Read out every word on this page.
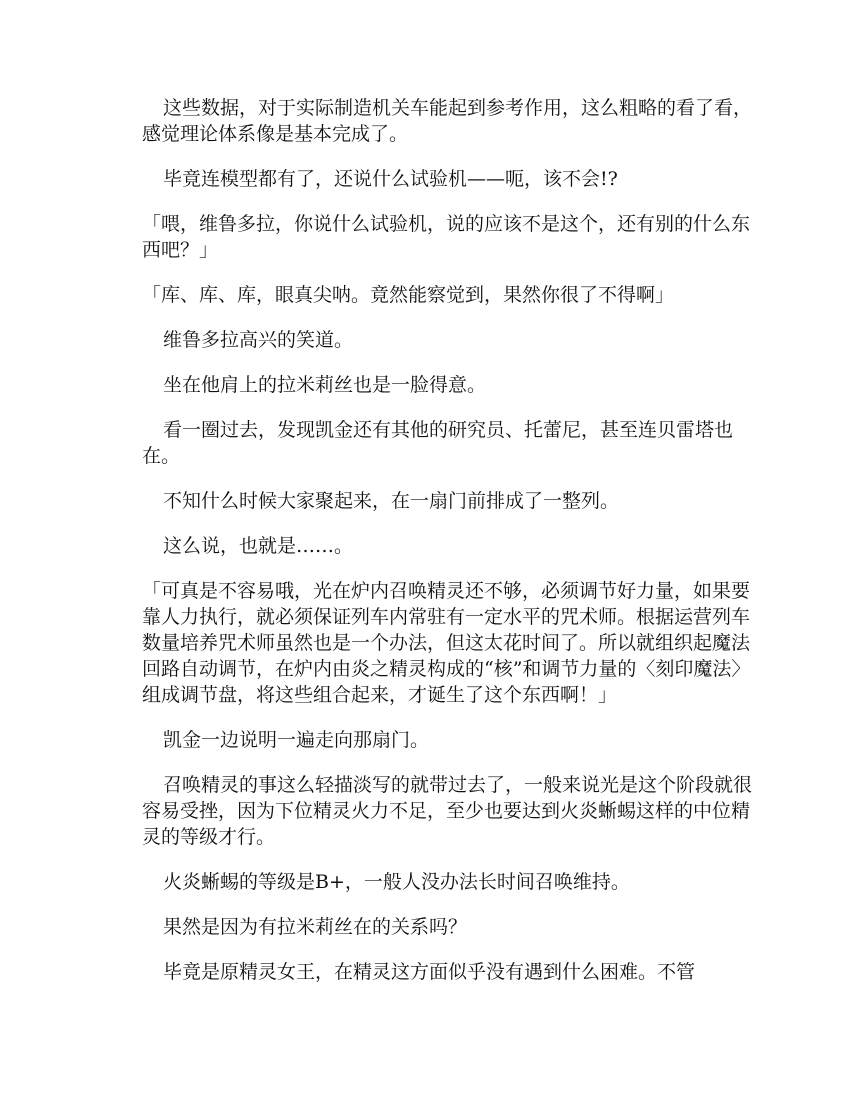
这些数据，对于实际制造机关车能起到参考作用，这么粗略的看了看，感觉理论体系像是基本完成了。

毕竟连模型都有了，还说什么试验机——呃，该不会!?

「喂，维鲁多拉，你说什么试验机，说的应该不是这个，还有别的什么东西吧？」

「库、库、库，眼真尖呐。竟然能察觉到，果然你很了不得啊」

维鲁多拉高兴的笑道。

坐在他肩上的拉米莉丝也是一脸得意。

看一圈过去，发现凯金还有其他的研究员、托蕾尼，甚至连贝雷塔也在。

不知什么时候大家聚起来，在一扇门前排成了一整列。

这么说，也就是……。

「可真是不容易哦，光在炉内召唤精灵还不够，必须调节好力量，如果要靠人力执行，就必须保证列车内常驻有一定水平的咒术师。根据运营列车数量培养咒术师虽然也是一个办法，但这太花时间了。所以就组织起魔法回路自动调节，在炉内由炎之精灵构成的“核”和调节力量的〈刻印魔法〉组成调节盘，将这些组合起来，才诞生了这个东西啊！」

凯金一边说明一遍走向那扇门。

召唤精灵的事这么轻描淡写的就带过去了，一般来说光是这个阶段就很容易受挫，因为下位精灵火力不足，至少也要达到火炎蜥蜴这样的中位精灵的等级才行。

火炎蜥蜴的等级是B+，一般人没办法长时间召唤维持。

果然是因为有拉米莉丝在的关系吗？

毕竟是原精灵女王，在精灵这方面似乎没有遇到什么困难。不管
